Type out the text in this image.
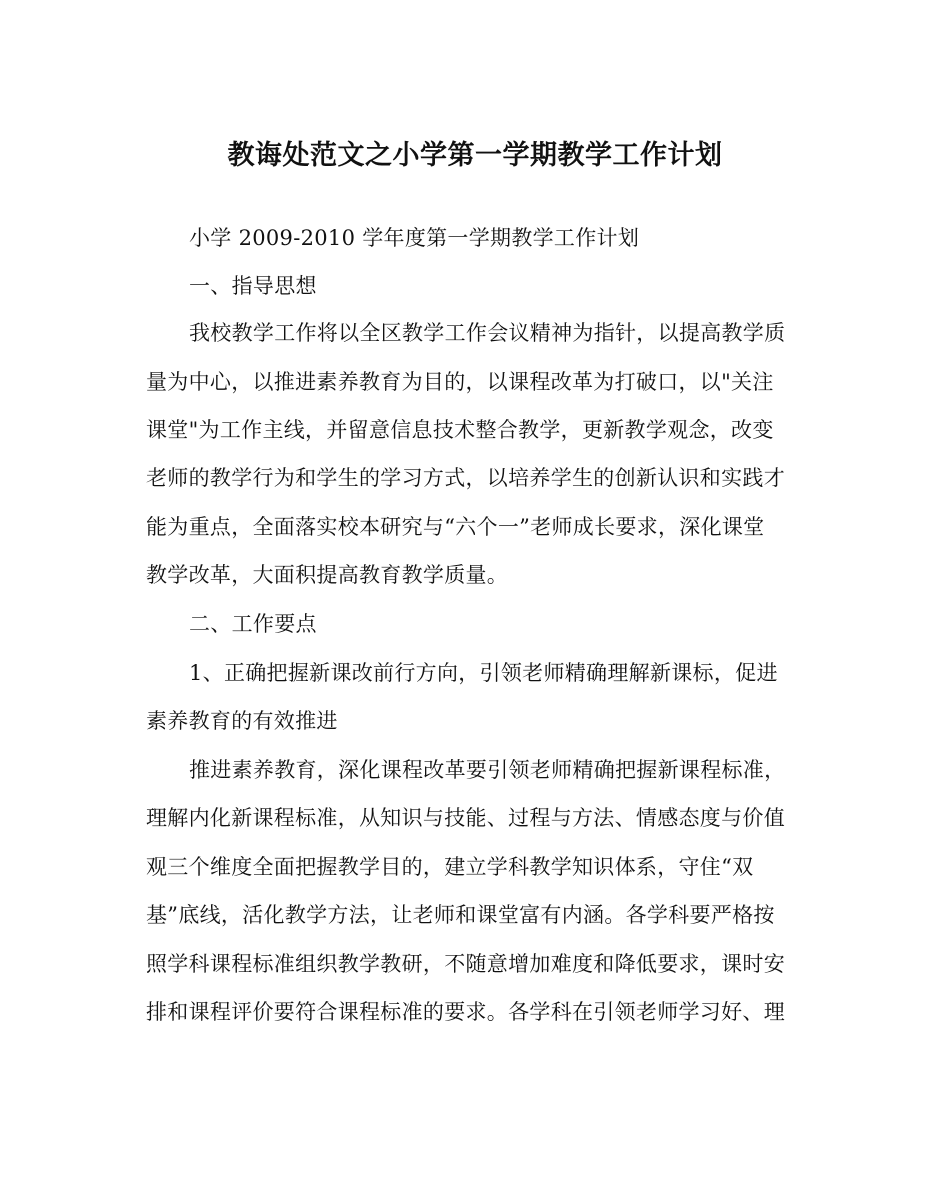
教诲处范文之小学第一学期教学工作计划
小学 2009-2010 学年度第一学期教学工作计划
一、指导思想
我校教学工作将以全区教学工作会议精神为指针，以提高教学质
量为中心，以推进素养教育为目的，以课程改革为打破口，以"关注
课堂"为工作主线，并留意信息技术整合教学，更新教学观念，改变
老师的教学行为和学生的学习方式，以培养学生的创新认识和实践才
能为重点，全面落实校本研究与“六个一”老师成长要求，深化课堂
教学改革，大面积提高教育教学质量。
二、工作要点
1、正确把握新课改前行方向，引领老师精确理解新课标，促进
素养教育的有效推进
推进素养教育，深化课程改革要引领老师精确把握新课程标准，
理解内化新课程标准，从知识与技能、过程与方法、情感态度与价值
观三个维度全面把握教学目的，建立学科教学知识体系，守住“双
基”底线，活化教学方法，让老师和课堂富有内涵。各学科要严格按
照学科课程标准组织教学教研，不随意增加难度和降低要求，课时安
排和课程评价要符合课程标准的要求。各学科在引领老师学习好、理
